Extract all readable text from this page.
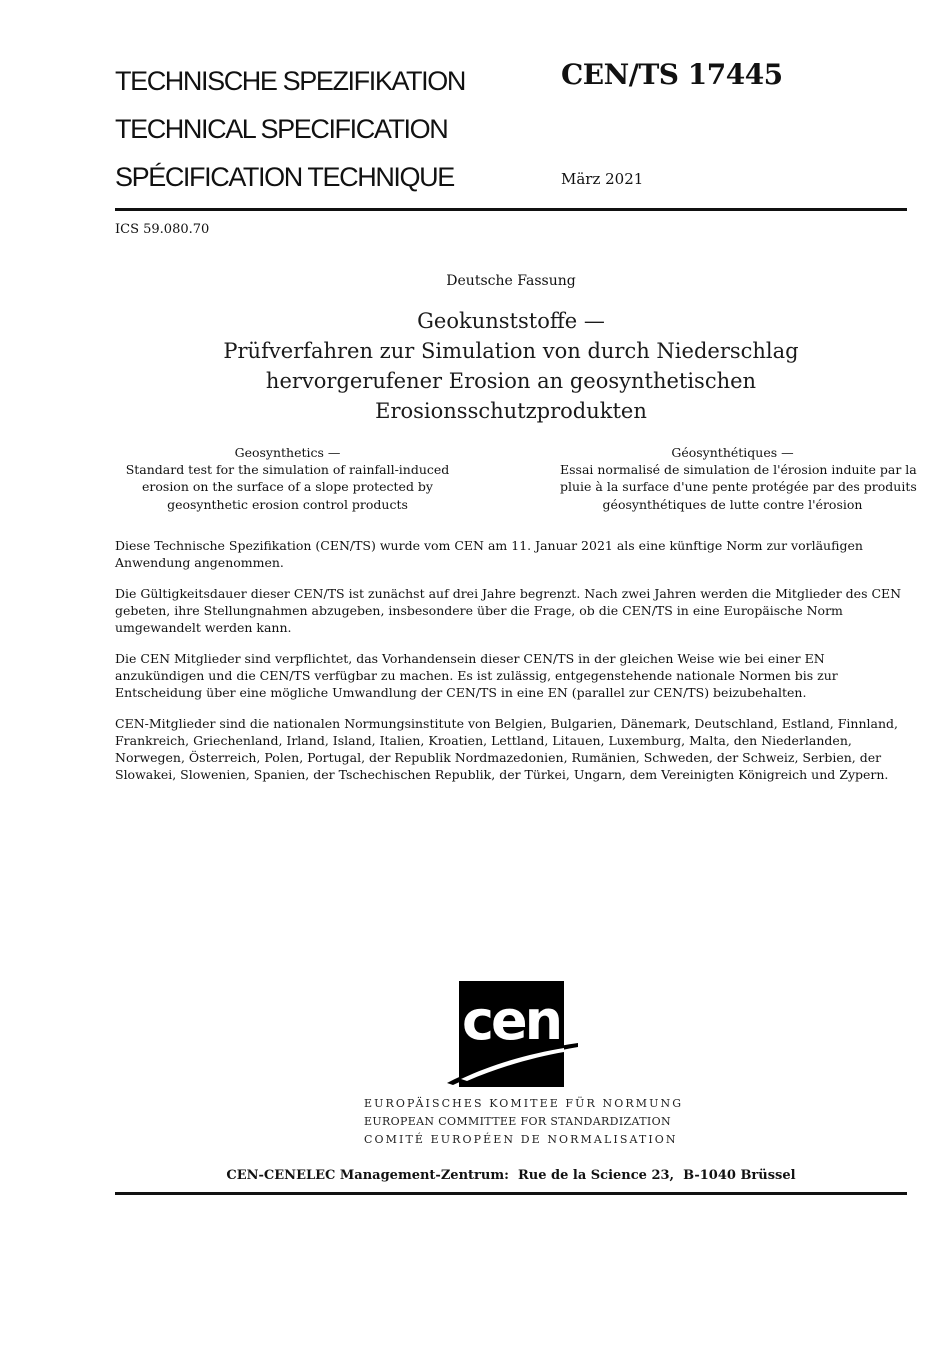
TECHNISCHE SPEZIFIKATION
TECHNICAL SPECIFICATION
SPÉCIFICATION TECHNIQUE
CEN/TS 17445
März 2021
ICS 59.080.70
Deutsche Fassung
Geokunststoffe —
Prüfverfahren zur Simulation von durch Niederschlag
hervorgerufener Erosion an geosynthetischen
Erosionsschutzprodukten
Geosynthetics —
Standard test for the simulation of rainfall-induced
erosion on the surface of a slope protected by
geosynthetic erosion control products
Géosynthétiques —
Essai normalisé de simulation de l'érosion induite par la
pluie à la surface d'une pente protégée par des produits
géosynthétiques de lutte contre l'érosion

Diese Technische Spezifikation (CEN/TS) wurde vom CEN am 11. Januar 2021 als eine künftige Norm zur vorläufigen Anwendung angenommen.

Die Gültigkeitsdauer dieser CEN/TS ist zunächst auf drei Jahre begrenzt. Nach zwei Jahren werden die Mitglieder des CEN gebeten, ihre Stellungnahmen abzugeben, insbesondere über die Frage, ob die CEN/TS in eine Europäische Norm umgewandelt werden kann.

Die CEN Mitglieder sind verpflichtet, das Vorhandensein dieser CEN/TS in der gleichen Weise wie bei einer EN anzukündigen und die CEN/TS verfügbar zu machen. Es ist zulässig, entgegenstehende nationale Normen bis zur Entscheidung über eine mögliche Umwandlung der CEN/TS in eine EN (parallel zur CEN/TS) beizubehalten.

CEN-Mitglieder sind die nationalen Normungsinstitute von Belgien, Bulgarien, Dänemark, Deutschland, Estland, Finnland, Frankreich, Griechenland, Irland, Island, Italien, Kroatien, Lettland, Litauen, Luxemburg, Malta, den Niederlanden, Norwegen, Österreich, Polen, Portugal, der Republik Nordmazedonien, Rumänien, Schweden, der Schweiz, Serbien, der Slowakei, Slowenien, Spanien, der Tschechischen Republik, der Türkei, Ungarn, dem Vereinigten Königreich und Zypern.

cen
EUROPÄISCHES KOMITEE FÜR NORMUNG
EUROPEAN COMMITTEE FOR STANDARDIZATION
COMITÉ EUROPÉEN DE NORMALISATION
CEN-CENELEC Management-Zentrum:  Rue de la Science 23,  B-1040 Brüssel
